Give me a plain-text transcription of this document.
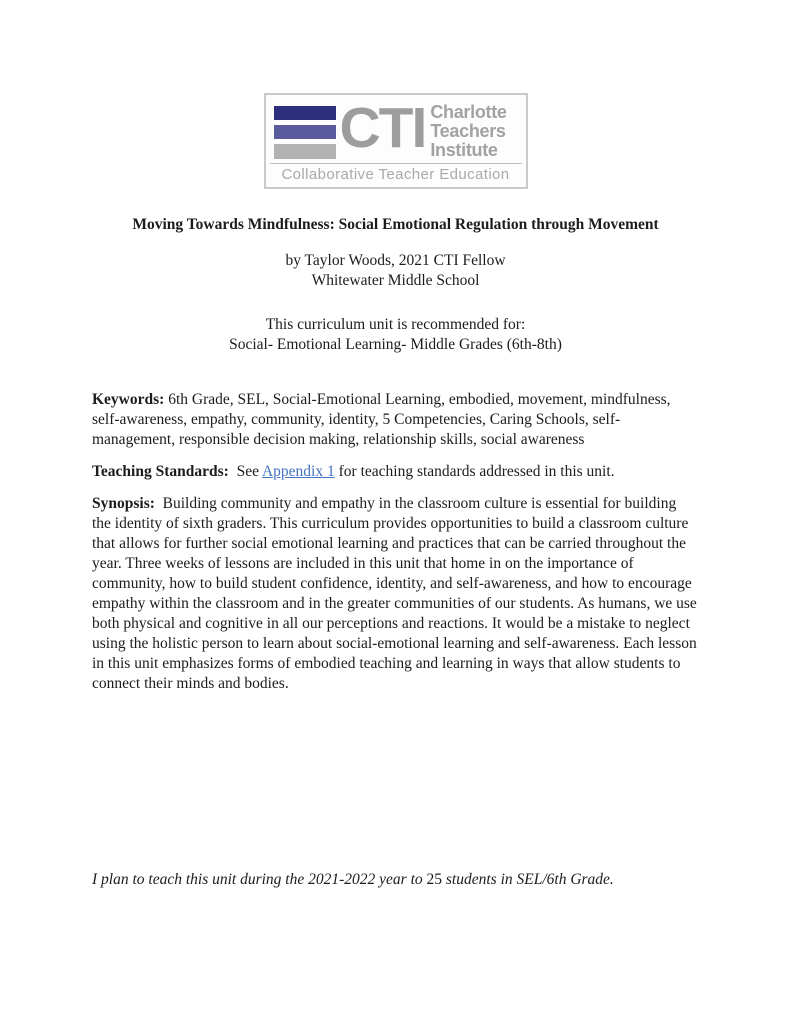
CTI Charlotte
Teachers
Institute
Collaborative Teacher Education
Moving Towards Mindfulness: Social Emotional Regulation through Movement
by Taylor Woods, 2021 CTI Fellow
Whitewater Middle School
This curriculum unit is recommended for:
Social- Emotional Learning- Middle Grades (6th-8th)

Keywords: 6th Grade, SEL, Social-Emotional Learning, embodied, movement, mindfulness, self-awareness, empathy, community, identity, 5 Competencies, Caring Schools, self-management, responsible decision making, relationship skills, social awareness

Teaching Standards:  See Appendix 1 for teaching standards addressed in this unit.

Synopsis:  Building community and empathy in the classroom culture is essential for building the identity of sixth graders. This curriculum provides opportunities to build a classroom culture that allows for further social emotional learning and practices that can be carried throughout the year. Three weeks of lessons are included in this unit that home in on the importance of community, how to build student confidence, identity, and self-awareness, and how to encourage empathy within the classroom and in the greater communities of our students. As humans, we use both physical and cognitive in all our perceptions and reactions. It would be a mistake to neglect using the holistic person to learn about social-emotional learning and self-awareness. Each lesson in this unit emphasizes forms of embodied teaching and learning in ways that allow students to connect their minds and bodies.

I plan to teach this unit during the 2021-2022 year to 25 students in SEL/6th Grade.
